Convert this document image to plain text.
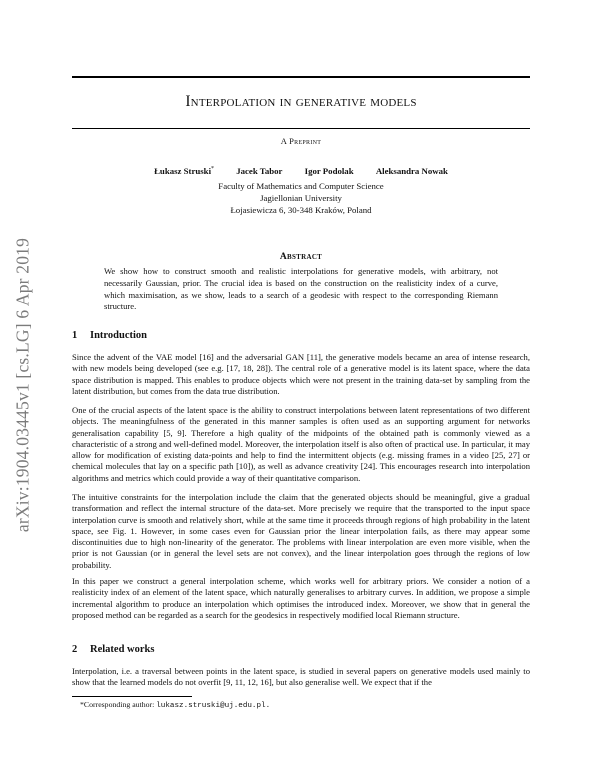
arXiv:1904.03445v1 [cs.LG] 6 Apr 2019
Interpolation in generative models
A Preprint
Łukasz Struski*	Jacek Tabor	Igor Podolak	Aleksandra Nowak
Faculty of Mathematics and Computer Science
Jagiellonian University
Łojasiewicza 6, 30-348 Kraków, Poland
Abstract
We show how to construct smooth and realistic interpolations for generative models, with arbitrary, not necessarily Gaussian, prior. The crucial idea is based on the construction on the realisticity index of a curve, which maximisation, as we show, leads to a search of a geodesic with respect to the corresponding Riemann structure.
1 Introduction
Since the advent of the VAE model [16] and the adversarial GAN [11], the generative models became an area of intense research, with new models being developed (see e.g. [17, 18, 28]). The central role of a generative model is its latent space, where the data space distribution is mapped. This enables to produce objects which were not present in the training data-set by sampling from the latent distribution, but comes from the data true distribution.
One of the crucial aspects of the latent space is the ability to construct interpolations between latent representations of two different objects. The meaningfulness of the generated in this manner samples is often used as an supporting argument for networks generalisation capability [5, 9]. Therefore a high quality of the midpoints of the obtained path is commonly viewed as a characteristic of a strong and well-defined model. Moreover, the interpolation itself is also often of practical use. In particular, it may allow for modification of existing data-points and help to find the intermittent objects (e.g. missing frames in a video [25, 27] or chemical molecules that lay on a specific path [10]), as well as advance creativity [24]. This encourages research into interpolation algorithms and metrics which could provide a way of their quantitative comparison.
The intuitive constraints for the interpolation include the claim that the generated objects should be meaningful, give a gradual transformation and reflect the internal structure of the data-set. More precisely we require that the transported to the input space interpolation curve is smooth and relatively short, while at the same time it proceeds through regions of high probability in the latent space, see Fig. 1. However, in some cases even for Gaussian prior the linear interpolation fails, as there may appear some discontinuities due to high non-linearity of the generator. The problems with linear interpolation are even more visible, when the prior is not Gaussian (or in general the level sets are not convex), and the linear interpolation goes through the regions of low probability.
In this paper we construct a general interpolation scheme, which works well for arbitrary priors. We consider a notion of a realisticity index of an element of the latent space, which naturally generalises to arbitrary curves. In addition, we propose a simple incremental algorithm to produce an interpolation which optimises the introduced index. Moreover, we show that in general the proposed method can be regarded as a search for the geodesics in respectively modified local Riemann structure.
2 Related works
Interpolation, i.e. a traversal between points in the latent space, is studied in several papers on generative models used mainly to show that the learned models do not overfit [9, 11, 12, 16], but also generalise well. We expect that if the
*Corresponding author: lukasz.struski@uj.edu.pl.
